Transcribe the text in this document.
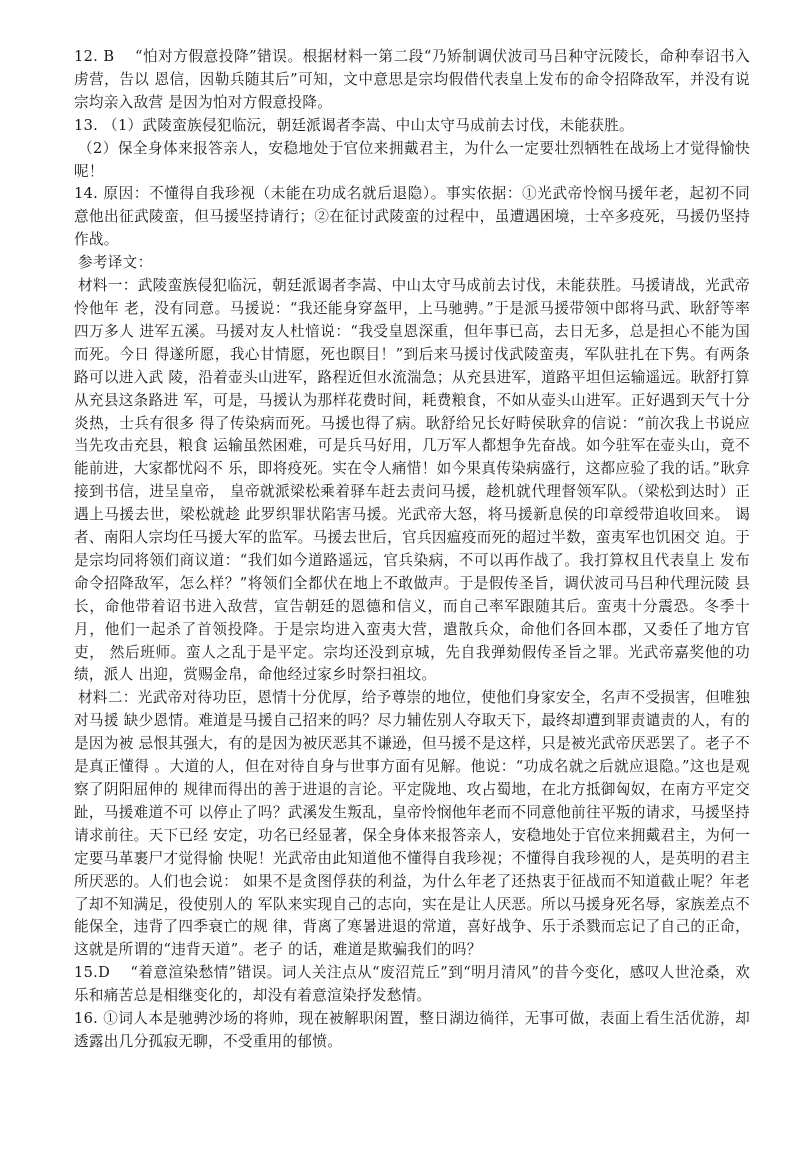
12. B　 “怕对方假意投降”错误。根据材料一第二段“乃矫制调伏波司马吕种守沅陵长，命种奉诏书入虏营，告以 恩信，因勒兵随其后”可知，文中意思是宗均假借代表皇上发布的命令招降敌军，并没有说宗均亲入敌营 是因为怕对方假意投降。

13. （1）武陵蛮族侵犯临沅，朝廷派谒者李嵩、中山太守马成前去讨伐，未能获胜。

（2）保全身体来报答亲人，安稳地处于官位来拥戴君主，为什么一定要壮烈牺牲在战场上才觉得愉快呢！

14. 原因：不懂得自我珍视（未能在功成名就后退隐）。事实依据：①光武帝怜悯马援年老，起初不同意他出征武陵蛮，但马援坚持请行；②在征讨武陵蛮的过程中，虽遭遇困境，士卒多疫死，马援仍坚持作战。

参考译文：

材料一：武陵蛮族侵犯临沅，朝廷派谒者李嵩、中山太守马成前去讨伐，未能获胜。马援请战，光武帝怜他年 老，没有同意。马援说：“我还能身穿盔甲，上马驰骋。”于是派马援带领中郎将马武、耿舒等率四万多人 进军五溪。马援对友人杜愔说：“我受皇恩深重，但年事已高，去日无多，总是担心不能为国而死。今日 得遂所愿，我心甘情愿，死也瞑目！”到后来马援讨伐武陵蛮夷，军队驻扎在下隽。有两条路可以进入武 陵，沿着壶头山进军，路程近但水流湍急；从充县进军，道路平坦但运输遥远。耿舒打算从充县这条路进 军，可是，马援认为那样花费时间，耗费粮食，不如从壶头山进军。正好遇到天气十分炎热，士兵有很多 得了传染病而死。马援也得了病。耿舒给兄长好畤侯耿弇的信说：“前次我上书说应当先攻击充县，粮食 运输虽然困难，可是兵马好用，几万军人都想争先奋战。如今驻军在壶头山，竟不能前进，大家都忧闷不 乐，即将疫死。实在令人痛惜！如今果真传染病盛行，这都应验了我的话。”耿弇接到书信，进呈皇帝， 皇帝就派梁松乘着驿车赶去责问马援，趁机就代理督领军队。（梁松到达时）正遇上马援去世，梁松就趁 此罗织罪状陷害马援。光武帝大怒，将马援新息侯的印章绶带追收回来。 谒者、南阳人宗均任马援大军的监军。马援去世后，官兵因瘟疫而死的超过半数，蛮夷军也饥困交 迫。于是宗均同将领们商议道：“我们如今道路遥远，官兵染病，不可以再作战了。我打算权且代表皇上 发布命令招降敌军，怎么样？”将领们全都伏在地上不敢做声。于是假传圣旨，调伏波司马吕种代理沅陵 县长，命他带着诏书进入敌营，宣告朝廷的恩德和信义，而自己率军跟随其后。蛮夷十分震恐。冬季十 月，他们一起杀了首领投降。于是宗均进入蛮夷大营，遣散兵众，命他们各回本郡，又委任了地方官吏， 然后班师。蛮人之乱于是平定。宗均还没到京城，先自我弹劾假传圣旨之罪。光武帝嘉奖他的功绩，派人 出迎，赏赐金帛，命他经过家乡时祭扫祖坟。

材料二：光武帝对待功臣，恩情十分优厚，给予尊崇的地位，使他们身家安全，名声不受损害，但唯独对马援 缺少恩情。难道是马援自己招来的吗？尽力辅佐别人夺取天下，最终却遭到罪责谴责的人，有的是因为被 忌恨其强大，有的是因为被厌恶其不谦逊，但马援不是这样，只是被光武帝厌恶罢了。老子不是真正懂得 。大道的人，但在对待自身与世事方面有见解。他说：“功成名就之后就应退隐。”这也是观察了阴阳屈伸的 规律而得出的善于进退的言论。平定陇地、攻占蜀地，在北方抵御匈奴，在南方平定交趾，马援难道不可 以停止了吗？武溪发生叛乱，皇帝怜悯他年老而不同意他前往平叛的请求，马援坚持请求前往。天下已经 安定，功名已经显著，保全身体来报答亲人，安稳地处于官位来拥戴君主，为何一定要马革裹尸才觉得愉 快呢！光武帝由此知道他不懂得自我珍视；不懂得自我珍视的人，是英明的君主所厌恶的。人们也会说： 如果不是贪图俘获的利益，为什么年老了还热衷于征战而不知道截止呢？年老了却不知满足，役使别人的 军队来实现自己的志向，实在是让人厌恶。所以马援身死名辱，家族差点不能保全，违背了四季衰亡的规 律，背离了寒暑进退的常道，喜好战争、乐于杀戮而忘记了自己的正命，这就是所谓的“违背天道”。老子 的话，难道是欺骗我们的吗？

15.D　 “着意渲染愁情”错误。词人关注点从“废沼荒丘”到“明月清风”的昔今变化，感叹人世沧桑，欢乐和痛苦总是相继变化的，却没有着意渲染抒发愁情。

16. ①词人本是驰骋沙场的将帅，现在被解职闲置，整日湖边徜徉，无事可做，表面上看生活优游，却透露出几分孤寂无聊，不受重用的郁愤。
